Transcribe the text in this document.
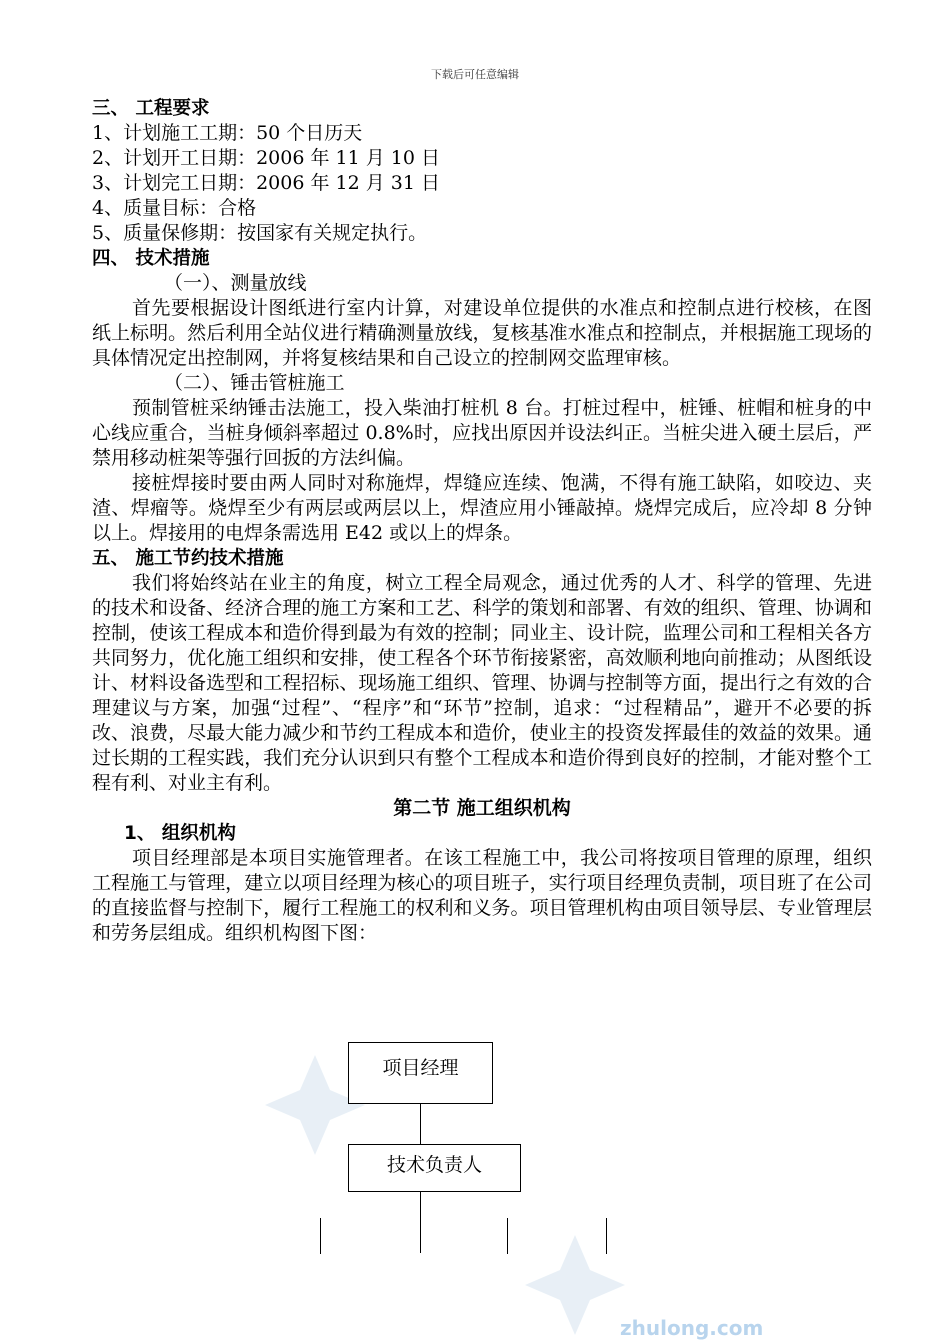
下载后可任意编辑
zhulong.com

三、 工程要求

1、计划施工工期：50 个日历天

2、计划开工日期：2006 年 11 月 10 日

3、计划完工日期：2006 年 12 月 31 日

4、质量目标：合格

5、质量保修期：按国家有关规定执行。

四、 技术措施

（一）、测量放线

首先要根据设计图纸进行室内计算，对建设单位提供的水准点和控制点进行校核，在图纸上标明。然后利用全站仪进行精确测量放线，复核基准水准点和控制点，并根据施工现场的具体情况定出控制网，并将复核结果和自己设立的控制网交监理审核。

（二）、锤击管桩施工

预制管桩采纳锤击法施工，投入柴油打桩机 8 台。打桩过程中，桩锤、桩帽和桩身的中心线应重合，当桩身倾斜率超过 0.8%时，应找出原因并设法纠正。当桩尖进入硬土层后，严禁用移动桩架等强行回扳的方法纠偏。

接桩焊接时要由两人同时对称施焊，焊缝应连续、饱满，不得有施工缺陷，如咬边、夹渣、焊瘤等。烧焊至少有两层或两层以上，焊渣应用小锤敲掉。烧焊完成后，应冷却 8 分钟以上。焊接用的电焊条需选用 E42 或以上的焊条。

五、 施工节约技术措施

我们将始终站在业主的角度，树立工程全局观念，通过优秀的人才、科学的管理、先进的技术和设备、经济合理的施工方案和工艺、科学的策划和部署、有效的组织、管理、协调和控制，使该工程成本和造价得到最为有效的控制；同业主、设计院，监理公司和工程相关各方共同努力，优化施工组织和安排，使工程各个环节衔接紧密，高效顺利地向前推动；从图纸设计、材料设备选型和工程招标、现场施工组织、管理、协调与控制等方面，提出行之有效的合理建议与方案，加强“过程”、“程序”和“环节”控制，追求：“过程精品”，避开不必要的拆改、浪费，尽最大能力减少和节约工程成本和造价，使业主的投资发挥最佳的效益的效果。通过长期的工程实践，我们充分认识到只有整个工程成本和造价得到良好的控制，才能对整个工程有利、对业主有利。

第二节 施工组织机构

1、 组织机构

项目经理部是本项目实施管理者。在该工程施工中，我公司将按项目管理的原理，组织工程施工与管理，建立以项目经理为核心的项目班子，实行项目经理负责制，项目班了在公司的直接监督与控制下，履行工程施工的权利和义务。项目管理机构由项目领导层、专业管理层和劳务层组成。组织机构图下图：

项目经理
技术负责人
